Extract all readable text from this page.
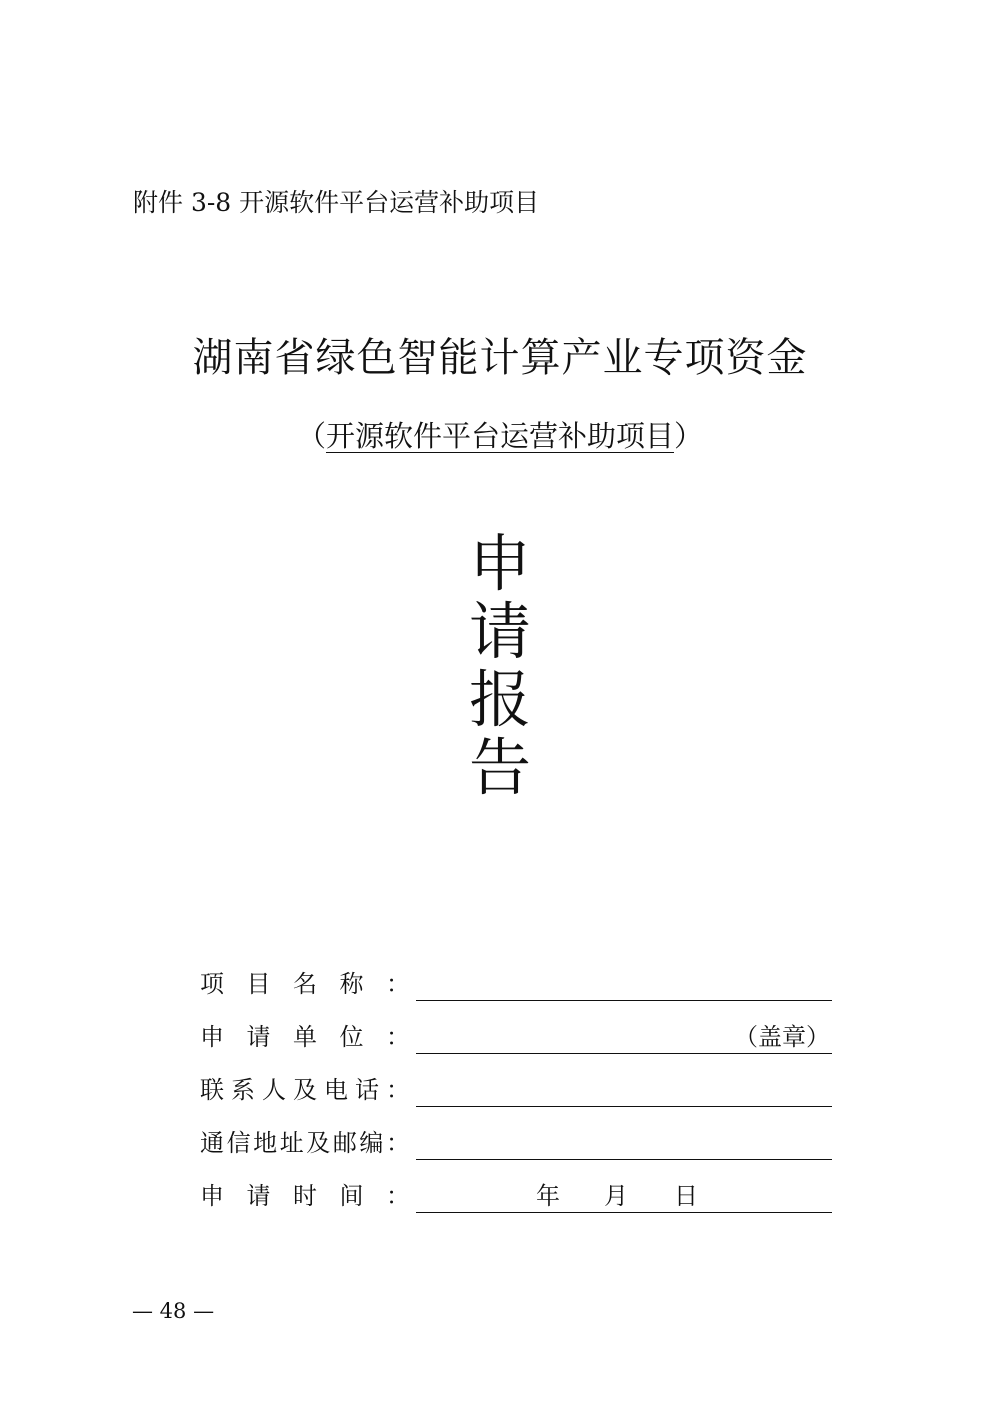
附件 3-8 开源软件平台运营补助项目
湖南省绿色智能计算产业专项资金
（开源软件平台运营补助项目）
申
请
报
告
项 目 名 称 ：
申 请 单 位 ：	（盖章）
联 系 人 及 电 话 ：
通 信 地 址 及 邮 编 ：
申 请 时 间 ：	年 月 日
— 48 —
